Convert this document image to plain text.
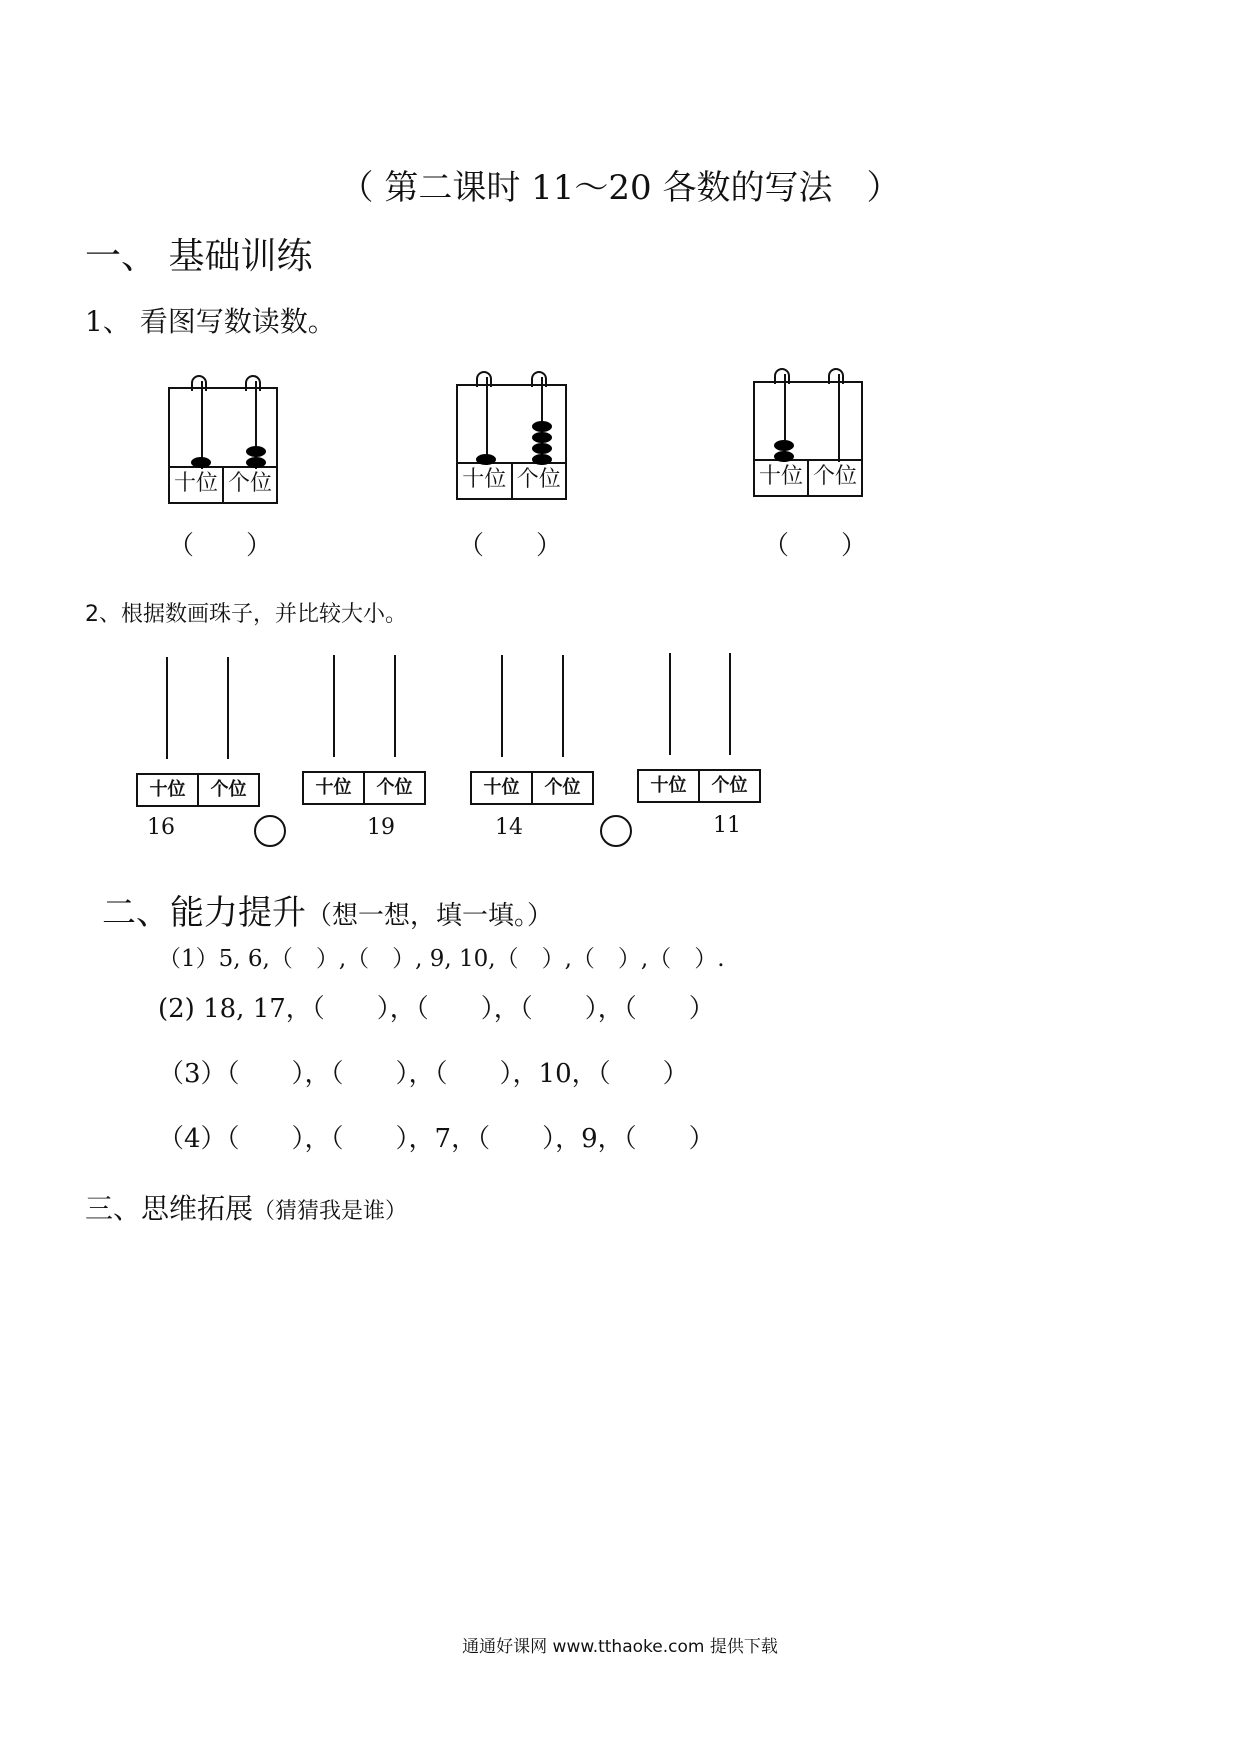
（ 第二课时 11～20 各数的写法　）
一、 基础训练
1、 看图写数读数。
十位 个位	十位 个位	十位 个位
（　　）	（　　）	（　　）
2、根据数画珠子，并比较大小。
十位	个位	十位	个位	十位	个位	十位	个位
16	19	14	11
二、能力提升（想一想，填一填。）
（1）5, 6,（　）,（　）, 9, 10,（　）,（　）,（　）.
(2) 18, 17，（　　），（　　），（　　），（　　）
（3）（　　），（　　），（　　），10，（　　）
（4）（　　），（　　），7，（　　），9，（　　）
三、思维拓展（猜猜我是谁）
通通好课网 www.tthaoke.com 提供下载
